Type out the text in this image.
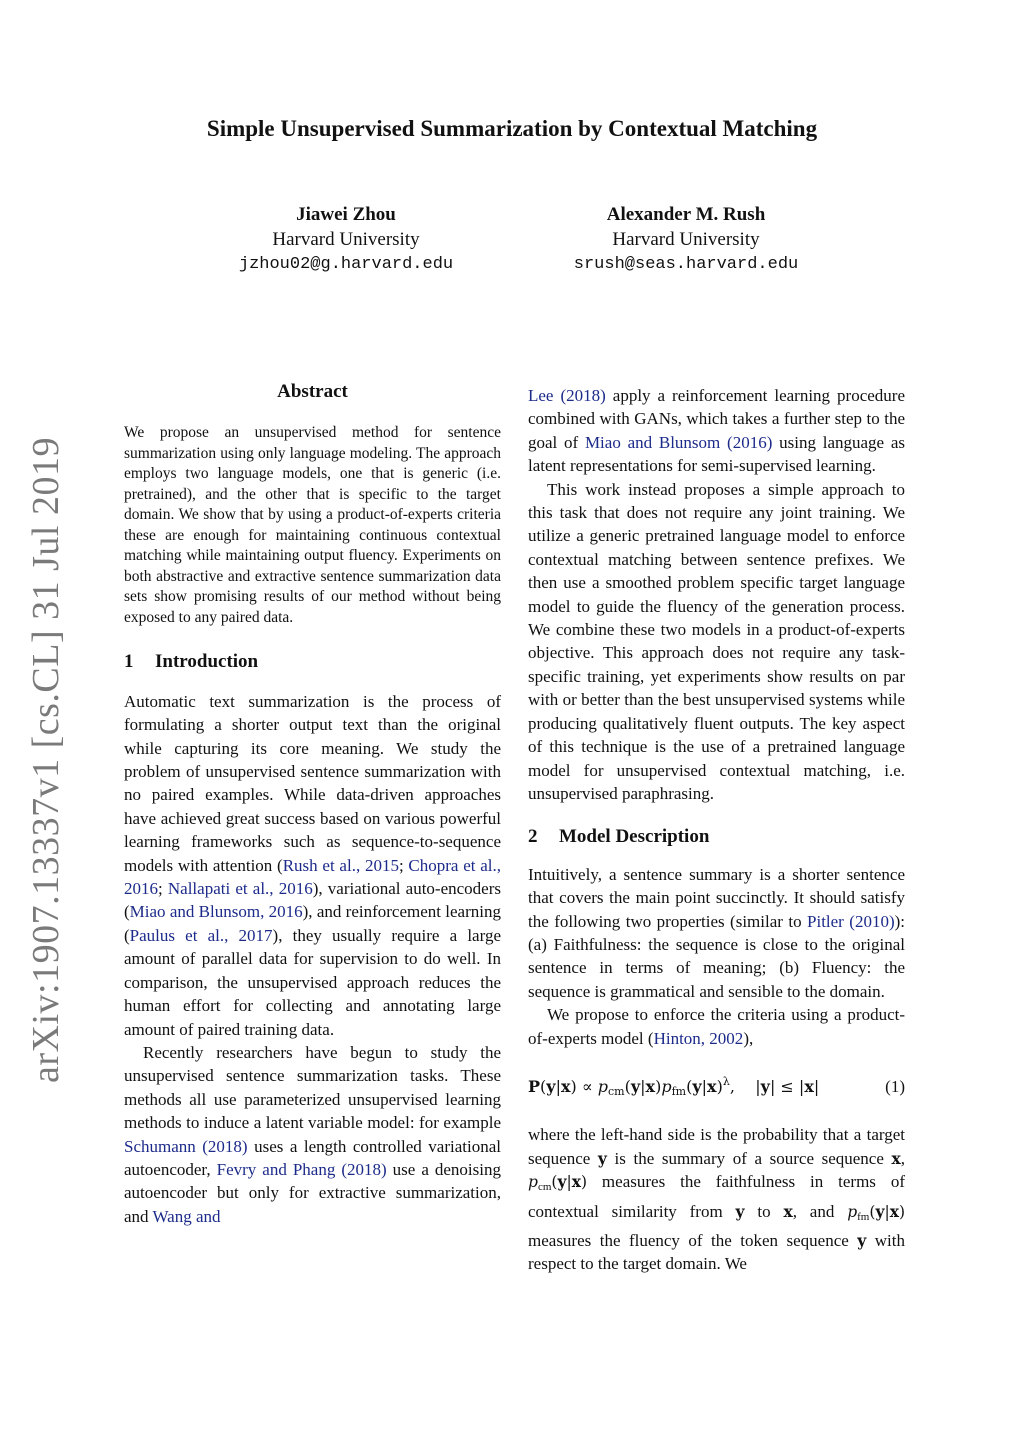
arXiv:1907.13337v1 [cs.CL] 31 Jul 2019
Simple Unsupervised Summarization by Contextual Matching
Jiawei Zhou
Harvard University
jzhou02@g.harvard.edu
Alexander M. Rush
Harvard University
srush@seas.harvard.edu
Abstract

We propose an unsupervised method for sentence summarization using only language modeling. The approach employs two language models, one that is generic (i.e. pretrained), and the other that is specific to the target domain. We show that by using a product-of-experts criteria these are enough for maintaining continuous contextual matching while maintaining output fluency. Experiments on both abstractive and extractive sentence summarization data sets show promising results of our method without being exposed to any paired data.

1 Introduction

Automatic text summarization is the process of formulating a shorter output text than the original while capturing its core meaning. We study the problem of unsupervised sentence summarization with no paired examples. While data-driven approaches have achieved great success based on various powerful learning frameworks such as sequence-to-sequence models with attention (Rush et al., 2015; Chopra et al., 2016; Nallapati et al., 2016), variational auto-encoders (Miao and Blunsom, 2016), and reinforcement learning (Paulus et al., 2017), they usually require a large amount of parallel data for supervision to do well. In comparison, the unsupervised approach reduces the human effort for collecting and annotating large amount of paired training data.

Recently researchers have begun to study the unsupervised sentence summarization tasks. These methods all use parameterized unsupervised learning methods to induce a latent variable model: for example Schumann (2018) uses a length controlled variational autoencoder, Fevry and Phang (2018) use a denoising autoencoder but only for extractive summarization, and Wang and

Lee (2018) apply a reinforcement learning procedure combined with GANs, which takes a further step to the goal of Miao and Blunsom (2016) using language as latent representations for semi-supervised learning.

This work instead proposes a simple approach to this task that does not require any joint training. We utilize a generic pretrained language model to enforce contextual matching between sentence prefixes. We then use a smoothed problem specific target language model to guide the fluency of the generation process. We combine these two models in a product-of-experts objective. This approach does not require any task-specific training, yet experiments show results on par with or better than the best unsupervised systems while producing qualitatively fluent outputs. The key aspect of this technique is the use of a pretrained language model for unsupervised contextual matching, i.e. unsupervised paraphrasing.

2 Model Description

Intuitively, a sentence summary is a shorter sentence that covers the main point succinctly. It should satisfy the following two properties (similar to Pitler (2010)): (a) Faithfulness: the sequence is close to the original sentence in terms of meaning; (b) Fluency: the sequence is grammatical and sensible to the domain.

We propose to enforce the criteria using a product-of-experts model (Hinton, 2002),

$P(y|x) \propto p_{cm}(y|x)p_{fm}(y|x)^\lambda$,    |y| ≤ |x|	(1)

where the left-hand side is the probability that a target sequence y is the summary of a source sequence x, $p_{cm}(y|x)$ measures the faithfulness in terms of contextual similarity from y to x, and $p_{fm}(y|x)$ measures the fluency of the token sequence y with respect to the target domain. We
